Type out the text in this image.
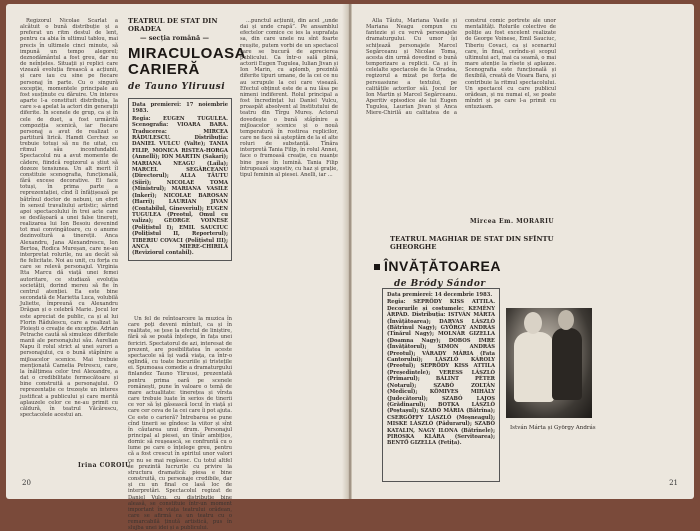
Regizorul Nicolae Scarlat a alcătuit o bună distribuție și a preferat un ritm destul de lent, pentru ca abia în ultimul tablou, mai precis în ultimele cinci minute, să impună un tempo alegorel; deznodământul a fost greu, dar nu de neînțeles. Situații și replici care vizează evoluția firească a acțiunii, și care iau cu sine pe fiecare personaj în parte. Cu o singură excepție, momentele principale au fost susținute cu dăruire. Un interes aparte l-a constituit distribuția, la care s-a apelat la actori din generații diferite. În scenele de grup, ca și în cele de duet, a fost urmărită compoziția scenică, iar fiecare personaj a avut de realizat o partitură lirică. Hamdi Cerchez se trebuie totuși să nu fie uitat, cu ritmul său inconfundabil. Spectacolul nu a avut momente de cădere, fiindcă regizorul a știut să dozeze tensiunea. Un alt merit îl constituie scenografia, funcțională, fără excese decorative. El face totuși, în prima parte a reprezentației, cînd îl înfățișează pe bătrînul doctor de nebuni, un efort în sensul travaliului artistic; sărind apoi spectacolului în trei acte care se desfășoară a unei false tinereți, realizarea lui Ion Besoiu devenind tot mai convingătoare, cu o anume dezinvoltură a tinereții. Anca Alexandru, Jana Alexandrescu, Ion Bertoa, Rodica Mureșan, care ne-au interpretat rolurile, nu au decât să fie felicitate. Noi au unit, cu forța cu care se relevă personajul. Virginia Itta Marcu dă viață unei femei autoritare, ce studiază evoluția societății, dorind mereu să fie în centrul atenției. Ea este bine secondată de Marietta Luca, volubilă Juliette, împreună cu Alexandru Drăgan și o celebră Marie. Jocul lor este apreciat de public, ca și al lui Florin Rădulescu, care a realizat la Ploiești o creație de excepție. Adrian Petrache caută să simuleze diferitele manii ale personajului său. Aurelian Napu îl rolul strict al unei surori a personajului, cu o bună stăpînire a mijloacelor scenice. Mai trebuie menționată Camelia Petrescu, care, la înălțimea celor trei Alexandre, a dat o credibilitate fermecătoare și bine construită a personajului. O reprezentație ce trezește un interes justificat a publicului și care merită aplauzele celor ce ne-au primit cu căldură, în teatrul Văcărescu, spectacolele acestui an.

Irina COROIU
20
TEATRUL DE STAT DIN ORADEA
— secția română —
MIRACULOASA
CARIERĂ
de Tauno Yliruusi
Data premierei: 17 noiembrie 1983.
Regia: EUGEN TUGULEA. Scenografia: VIOARA BARA. Traducerea: MIRCEA RĂDULESCU. Distribuția: DANIEL VULCU (Valte); TANIA FILIP, MONICA RISTEA-HORGA (Annelli); ION MARTIN (Sakari); MARIANA NEAGU (Laila); MARCEL SEGĂRCEANU (Directorul); ALLA TĂUTU (Siiri); NICOLAE TOMA (Ministrul); MARIANA VASILE (Inkeri); NICOLAE BAROSAN (Harri); LAURIAN JIVAN (Contabilul, Gineveriul); EUGEN TUGULEA (Preotul, Omul cu valiza); GEORGE VOINESE (Polițistul I); EMIL SAUCIUC (Polițistul II, Reporterul); TIBERIU COVACI (Polițistul III); ANCA MIERE-CHIRILĂ (Reviziorul contabil).

Un fel de reîntoarcere la muzica în care poți deveni mîntuit, ca și în realitate, se țese la efectul de liniștire, fără să se poată înțelege, în fața unei fericiri. Spectatorul de azi, interesat de prezent, are posibilitatea în aceste spectacole să își vadă viața, ca într-o oglindă, cu toate bucuriile și tristețile ei. Spumoasa comedie a dramaturgului finlandez Tauno Yliruusi, prezentată pentru prima oară pe scenele românești, pune în valoare o temă de mare actualitate: tinerețea și vîrsta care trebuie luate în serios de tinerii ce vor să își găsească locul în viață și care cer ceva de la cei care îi pot ajuta. Ce este o carieră? Întrebarea se pune cînd tinerii se gîndesc la viitor și sînt în căutarea unui drum. Personajul principal al piesei, un tînăr ambițios, dornic să reușească, se confruntă cu o lume pe care o înțelege greu, pentru că a fost crescut în spiritul unor valori ce nu se mai regăsesc. Cu totul altfel se prezintă lucrurile cu privire la structura dramatică: piesa e bine construită, cu personaje credibile, dar și cu un final ce lasă loc de interpretări. Spectacolul regizat de Daniel Vulcu, cu distribuție bine aleasă, se constituie într-un moment important în viața teatrului orădean, care se afirmă ca un teatru cu o remarcabilă ținută artistică, pus în slujba unei idei și a publicului.

...punctul acțiunii, din acel „unde dai și unde crapă”. Pe ansamblul efectelor comice ce ies la suprafața sa, din care unele nu sînt foarte reușite, putem vorbi de un spectacol care se bucură de aprecierea publicului. Ca într-o sală plină, actorii Eugen Tugulea, Iulian Jivan și Ion Marin, cu aplomb, prezintă diferite tipuri umane, de la cei ce nu au scrupule la cei care visează. Efectul obținut este de a nu lăsa pe nimeni indiferent. Rolul principal a fost încredințat lui Daniel Vulcu, proaspăt absolvent al Institutului de teatru din Tîrgu Mureș. Actorul dovedește o bună stăpînire a mijloacelor scenice și o nouă temperatură în rostirea replicilor, care ne face să așteptăm de la el alte roluri de substanță. Tînăra interpretă Tania Filip, în rolul Annei, face o frumoasă creație, cu nuanțe bine puse în lumină. Tania Filip întrupează sugestiv, cu haz și grație, tipul feminin al piesei. Anelli, iar ...

Alla Tăutu, Mariana Vasile și Mariana Neagu compun cu fantezie și cu vervă personajele dramaturgului. Cu umor își schițează personajele Marcel Segărceanu și Nicolae Toma, acesta din urmă dovedind o bună temporizare a replicii. Ca și în celelalte spectacole de la Oradea, regizorul a mizat pe forța de persuasiune a textului, pe calitățile actorilor săi. Jocul lor Ion Martin și Marcel Segărceanu. Aperitiv episodice ale lui Eugen Tugulea, Laurian Jivan și Anca Miere-Chirilă au calitatea de a construi comic portrete ale unor mentalități. Rolurile colective de poliție au fost excelent realizate de George Voinese, Emil Sauciuc, Tiberiu Covaci, ca și scenariul care, în final, cerîndu-și scopul ultimului act, mai ca seamă, o mai mare atenție la rîsete și aplauze. Scenografia este funcțională și flexibilă, creată de Vioara Bara, și contribuie la ritmul spectacolului. Un spectacol cu care publicul orădean, și nu numai el, se poate mîndri și pe care l-a primit cu entuziasm.

Mircea Em. MORARIU
TEATRUL MAGHIAR DE STAT DIN SFÎNTU GHEORGHE
ÎNVĂȚĂTOAREA
de Bródy Sándor
Data premierei: 14 decembrie 1983.
Regia: SEPRÖDY KISS ATTILA. Decorurile și costumele: KEMÉNY ÁRPÁD. Distribuția: ISTVÁN MÁRTA (Învățătoarea); DARVAS LÁSZLÓ (Bătrînul Nagy); GYÖRGY ANDRÁS (Tînărul Nagy); MOLNÁR GIZELLA (Doamna Nagy); DOBOS IMRE (Învățătorul); SIMON ANDRÁS (Preotul); VÁRADY MÁRIA (Fata Cantorului); LÁSZLÓ KÁROLY (Preotul); SEPRÖDY KISS ATTILA (Președintele); VERESS LÁSZLÓ (Primarul); BÁLINT PÉTER (Notarul); SZABÓ ZOLTÁN (Medicul); KÖMIVES MIHÁLY (Judecătorul); SZABÓ LAJOS (Grădinarul); BOTKA LÁSZLÓ (Poștașul); SZABÓ MÁRIA (Bătrîna); CSERGŐFFY LÁSZLÓ (Moșneagul); MISKE LÁSZLÓ (Pădurarul); SZABÓ KATALIN, NAGY ILONA (Bătrînele); PIROSKA KLÁRA (Servitoarea); BENTŐ GIZELLA (Fetița).
István Márta și György András
21
